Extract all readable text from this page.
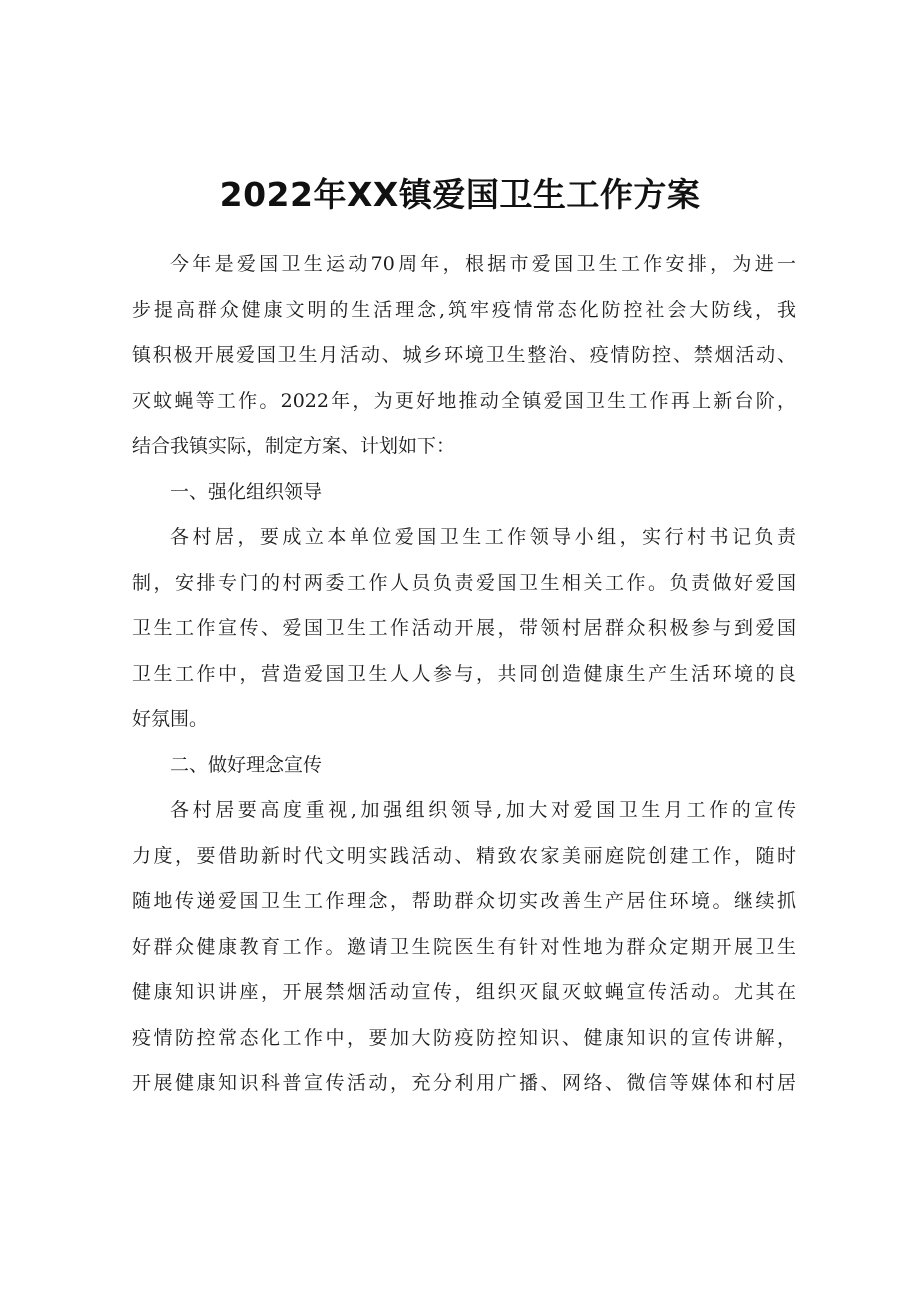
2022年XX镇爱国卫生工作方案
今年是爱国卫生运动70周年，根据市爱国卫生工作安排，为进一
步提高群众健康文明的生活理念,筑牢疫情常态化防控社会大防线，我
镇积极开展爱国卫生月活动、城乡环境卫生整治、疫情防控、禁烟活动、
灭蚊蝇等工作。2022年，为更好地推动全镇爱国卫生工作再上新台阶，
结合我镇实际，制定方案、计划如下：
一、强化组织领导
各村居，要成立本单位爱国卫生工作领导小组，实行村书记负责
制，安排专门的村两委工作人员负责爱国卫生相关工作。负责做好爱国
卫生工作宣传、爱国卫生工作活动开展，带领村居群众积极参与到爱国
卫生工作中，营造爱国卫生人人参与，共同创造健康生产生活环境的良
好氛围。
二、做好理念宣传
各村居要高度重视,加强组织领导,加大对爱国卫生月工作的宣传
力度，要借助新时代文明实践活动、精致农家美丽庭院创建工作，随时
随地传递爱国卫生工作理念，帮助群众切实改善生产居住环境。继续抓
好群众健康教育工作。邀请卫生院医生有针对性地为群众定期开展卫生
健康知识讲座，开展禁烟活动宣传，组织灭鼠灭蚊蝇宣传活动。尤其在
疫情防控常态化工作中，要加大防疫防控知识、健康知识的宣传讲解，
开展健康知识科普宣传活动，充分利用广播、网络、微信等媒体和村居
